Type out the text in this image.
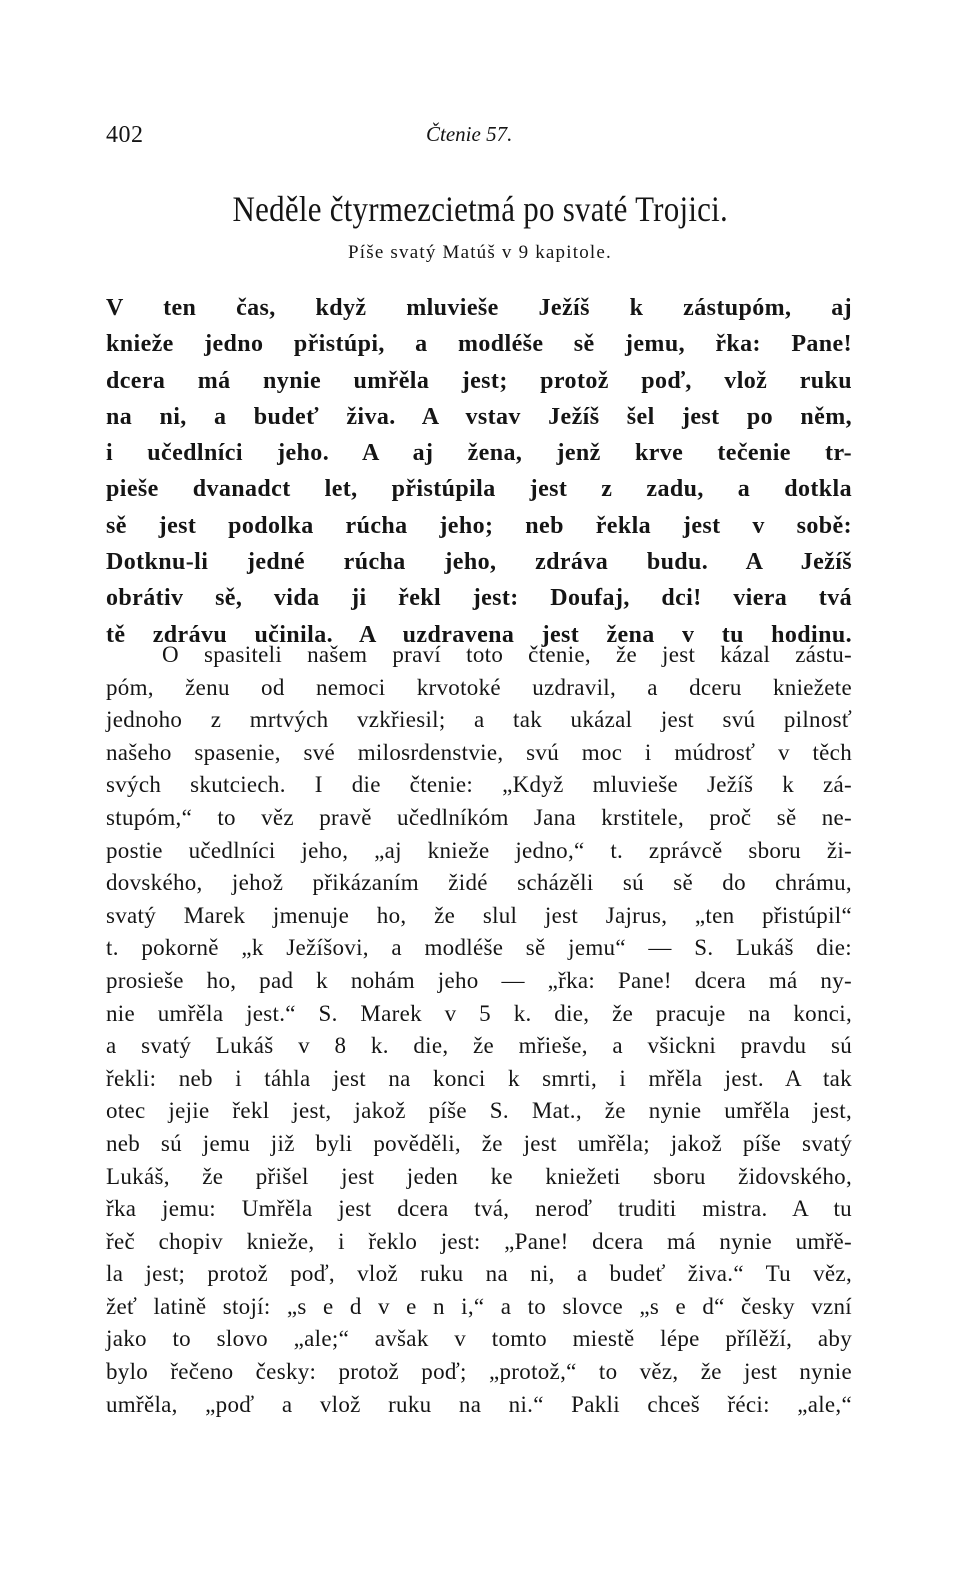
402	Čtenie 57.
Neděle čtyrmezcietmá po svaté Trojici.
Píše svatý Matúš v 9 kapitole.
V ten čas, když mluvieše Ježíš k zástupóm, aj
knieže jedno přistúpi, a modléše sě jemu, řka: Pane!
dcera má nynie umřěla jest; protož poď, vlož ruku
na ni, a budeť živa. A vstav Ježíš šel jest po něm,
i učedlníci jeho. A aj žena, jenž krve tečenie tr-
pieše dvanadct let, přistúpila jest z zadu, a dotkla
sě jest podolka rúcha jeho; neb řekla jest v sobě:
Dotknu-li jedné rúcha jeho, zdráva budu. A Ježíš
obrátiv sě, vida ji řekl jest: Doufaj, dci! viera tvá
tě zdrávu učinila. A uzdravena jest žena v tu hodinu.
O spasiteli našem praví toto čtenie, že jest kázal zástu-
póm, ženu od nemoci krvotoké uzdravil, a dceru kniežete
jednoho z mrtvých vzkřiesil; a tak ukázal jest svú pilnosť
našeho spasenie, své milosrdenstvie, svú moc i múdrosť v těch
svých skutciech. I die čtenie: „Když mluvieše Ježíš k zá-
stupóm,“ to věz pravě učedlníkóm Jana krstitele, proč sě ne-
postie učedlníci jeho, „aj knieže jedno,“ t. zprávcě sboru ži-
dovského, jehož přikázaním židé scházěli sú sě do chrámu,
svatý Marek jmenuje ho, že slul jest Jajrus, „ten přistúpil“
t. pokorně „k Ježíšovi, a modléše sě jemu“ — S. Lukáš die:
prosieše ho, pad k nohám jeho — „řka: Pane! dcera má ny-
nie umřěla jest.“ S. Marek v 5 k. die, že pracuje na konci,
a svatý Lukáš v 8 k. die, že mřieše, a všickni pravdu sú
řekli: neb i táhla jest na konci k smrti, i mřěla jest. A tak
otec jejie řekl jest, jakož píše S. Mat., že nynie umřěla jest,
neb sú jemu již byli pověděli, že jest umřěla; jakož píše svatý
Lukáš, že přišel jest jeden ke kniežeti sboru židovského,
řka jemu: Umřěla jest dcera tvá, neroď truditi mistra. A tu
řeč chopiv knieže, i řeklo jest: „Pane! dcera má nynie umřě-
la jest; protož poď, vlož ruku na ni, a budeť živa.“ Tu věz,
žeť latině stojí: „s e d v e n i,“ a to slovce „s e d“ česky vzní
jako to slovo „ale;“ avšak v tomto miestě lépe přílěží, aby
bylo řečeno česky: protož poď; „protož,“ to věz, že jest nynie
umřěla, „poď a vlož ruku na ni.“ Pakli chceš řéci: „ale,“
